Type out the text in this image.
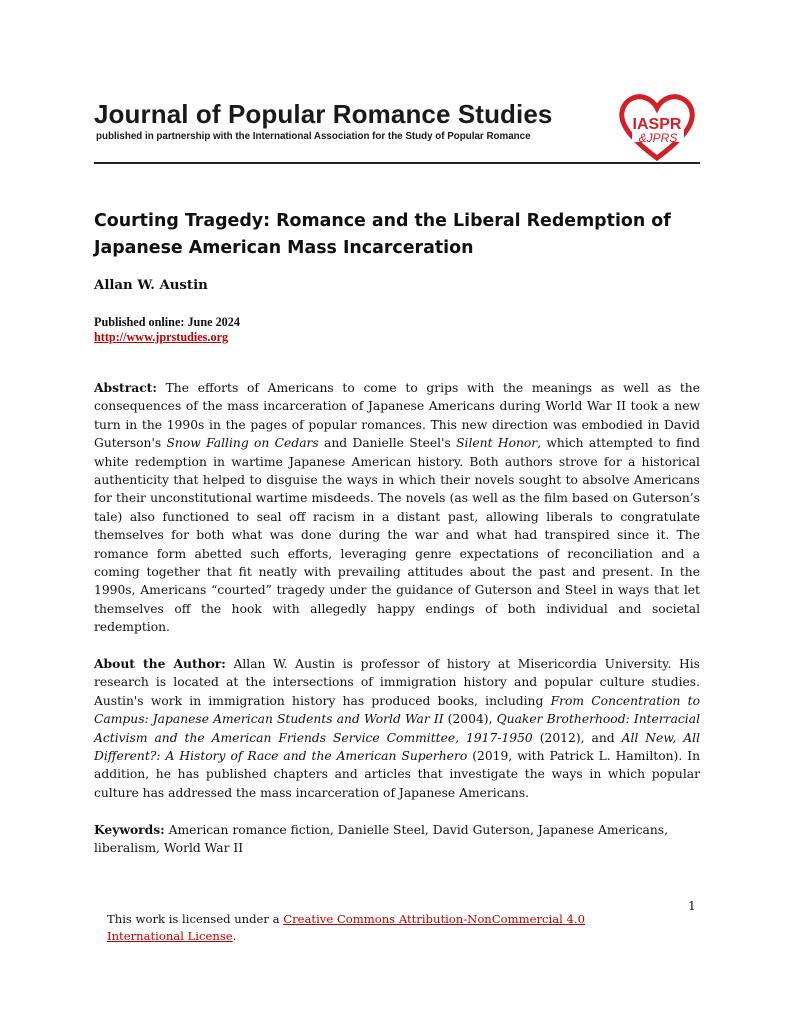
Journal of Popular Romance Studies
published in partnership with the International Association for the Study of Popular Romance
IASPR
&JPRS
Courting Tragedy: Romance and the Liberal Redemption of Japanese American Mass Incarceration
Allan W. Austin
Published online: June 2024
http://www.jprstudies.org
Abstract: The efforts of Americans to come to grips with the meanings as well as the consequences of the mass incarceration of Japanese Americans during World War II took a new turn in the 1990s in the pages of popular romances. This new direction was embodied in David Guterson's Snow Falling on Cedars and Danielle Steel's Silent Honor, which attempted to find white redemption in wartime Japanese American history. Both authors strove for a historical authenticity that helped to disguise the ways in which their novels sought to absolve Americans for their unconstitutional wartime misdeeds. The novels (as well as the film based on Guterson’s tale) also functioned to seal off racism in a distant past, allowing liberals to congratulate themselves for both what was done during the war and what had transpired since it. The romance form abetted such efforts, leveraging genre expectations of reconciliation and a coming together that fit neatly with prevailing attitudes about the past and present. In the 1990s, Americans “courted” tragedy under the guidance of Guterson and Steel in ways that let themselves off the hook with allegedly happy endings of both individual and societal redemption.
About the Author: Allan W. Austin is professor of history at Misericordia University. His research is located at the intersections of immigration history and popular culture studies. Austin's work in immigration history has produced books, including From Concentration to Campus: Japanese American Students and World War II (2004), Quaker Brotherhood: Interracial Activism and the American Friends Service Committee, 1917-1950 (2012), and All New, All Different?: A History of Race and the American Superhero (2019, with Patrick L. Hamilton). In addition, he has published chapters and articles that investigate the ways in which popular culture has addressed the mass incarceration of Japanese Americans.
Keywords: American romance fiction, Danielle Steel, David Guterson, Japanese Americans, liberalism, World War II
1
This work is licensed under a Creative Commons Attribution-NonCommercial 4.0 International License.
